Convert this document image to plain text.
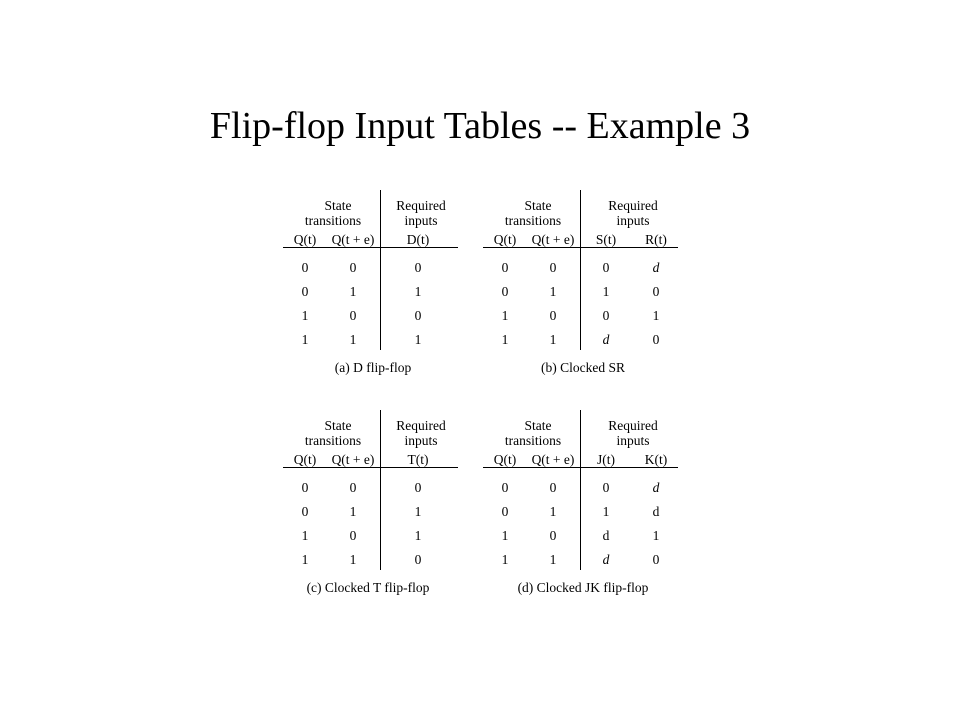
Flip-flop Input Tables -- Example 3
State
transitions
Required
inputs
Q(t)	Q(t + e)	D(t)
0	0	0
0	1	1
1	0	0
1	1	1
(a) D flip-flop
State
transitions
Required
inputs
Q(t)	Q(t + e)	S(t)	R(t)
0	0	0	d
0	1	1	0
1	0	0	1
1	1	d	0
(b) Clocked SR
State
transitions
Required
inputs
Q(t)	Q(t + e)	T(t)
0	0	0
0	1	1
1	0	1
1	1	0
(c) Clocked T flip-flop
State
transitions
Required
inputs
Q(t)	Q(t + e)	J(t)	K(t)
0	0	0	d
0	1	1	d
1	0	d	1
1	1	d	0
(d) Clocked JK flip-flop
